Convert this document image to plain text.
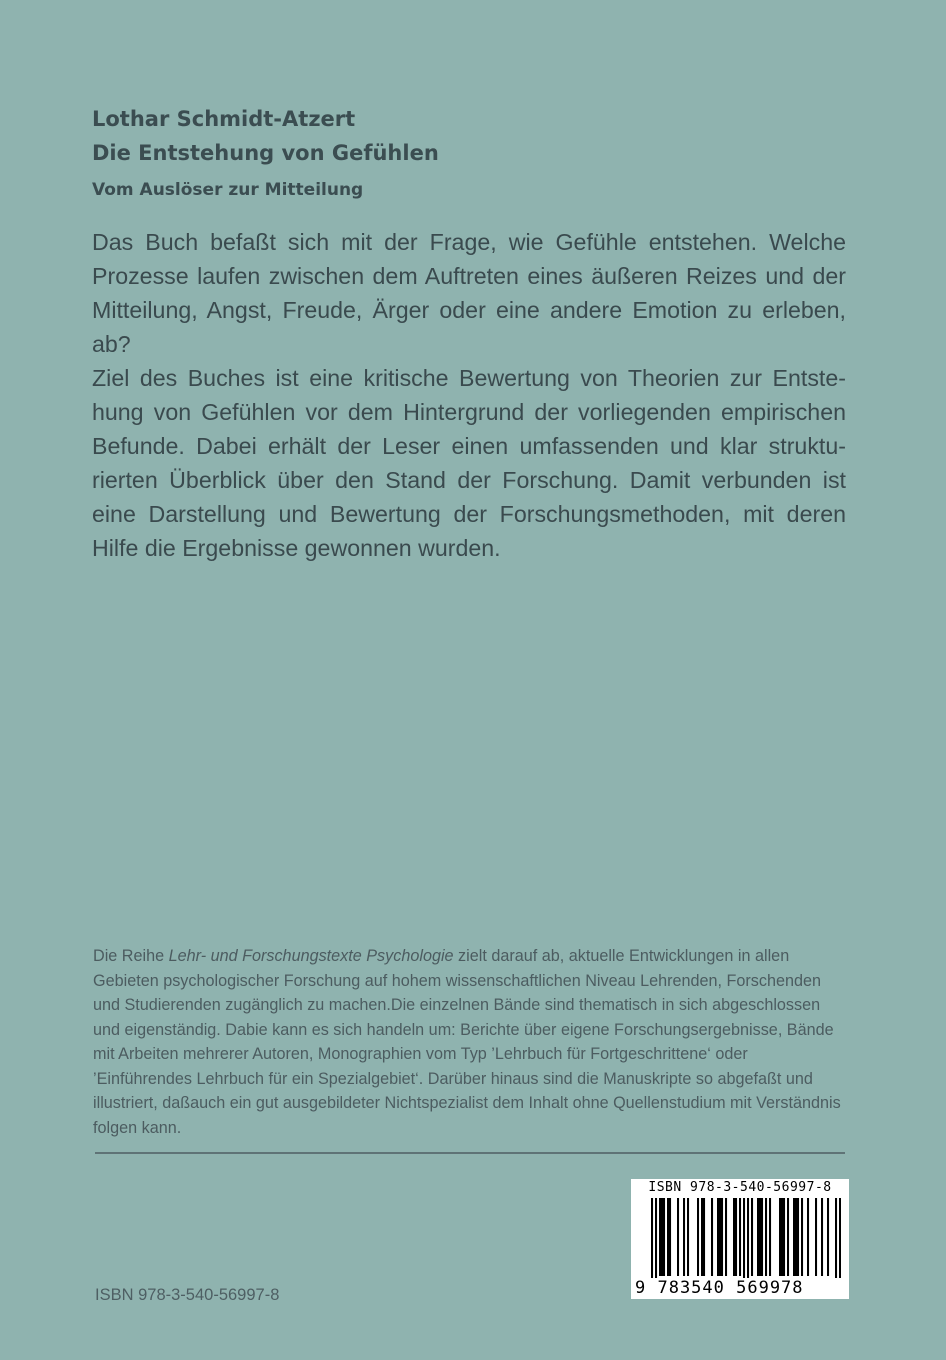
Lothar Schmidt-Atzert
Die Entstehung von Gefühlen
Vom Auslöser zur Mitteilung

Das Buch befaßt sich mit der Frage, wie Gefühle entstehen. Welche Prozesse laufen zwischen dem Auftreten eines äußeren Reizes und der Mitteilung, Angst, Freude, Ärger oder eine andere Emotion zu erleben, ab?

Ziel des Buches ist eine kritische Bewertung von Theorien zur Entstehung von Gefühlen vor dem Hintergrund der vorliegenden empirischen Befunde. Dabei erhält der Leser einen umfassenden und klar strukturierten Überblick über den Stand der Forschung. Damit verbunden ist eine Darstellung und Bewertung der Forschungsmethoden, mit deren Hilfe die Ergebnisse gewonnen wurden.

Die Reihe Lehr- und Forschungstexte Psychologie zielt darauf ab, aktuelle Entwicklungen in allen Gebieten psychologischer Forschung auf hohem wissenschaftlichen Niveau Lehrenden, Forschenden und Studierenden zugänglich zu machen.Die einzelnen Bände sind thematisch in sich abgeschlossen und eigenständig. Dabie kann es sich handeln um: Berichte über eigene Forschungsergebnisse, Bände mit Arbeiten mehrerer Autoren, Monographien vom Typ ’Lehrbuch für Fortgeschrittene‘ oder ’Einführendes Lehrbuch für ein Spezialgebiet‘. Darüber hinaus sind die Manuskripte so abgefaßt und illustriert, daßauch ein gut ausgebildeter Nichtspezialist dem Inhalt ohne Quellenstudium mit Verständnis folgen kann.

ISBN 978-3-540-56997-8
9 783540 569978
ISBN 978-3-540-56997-8
